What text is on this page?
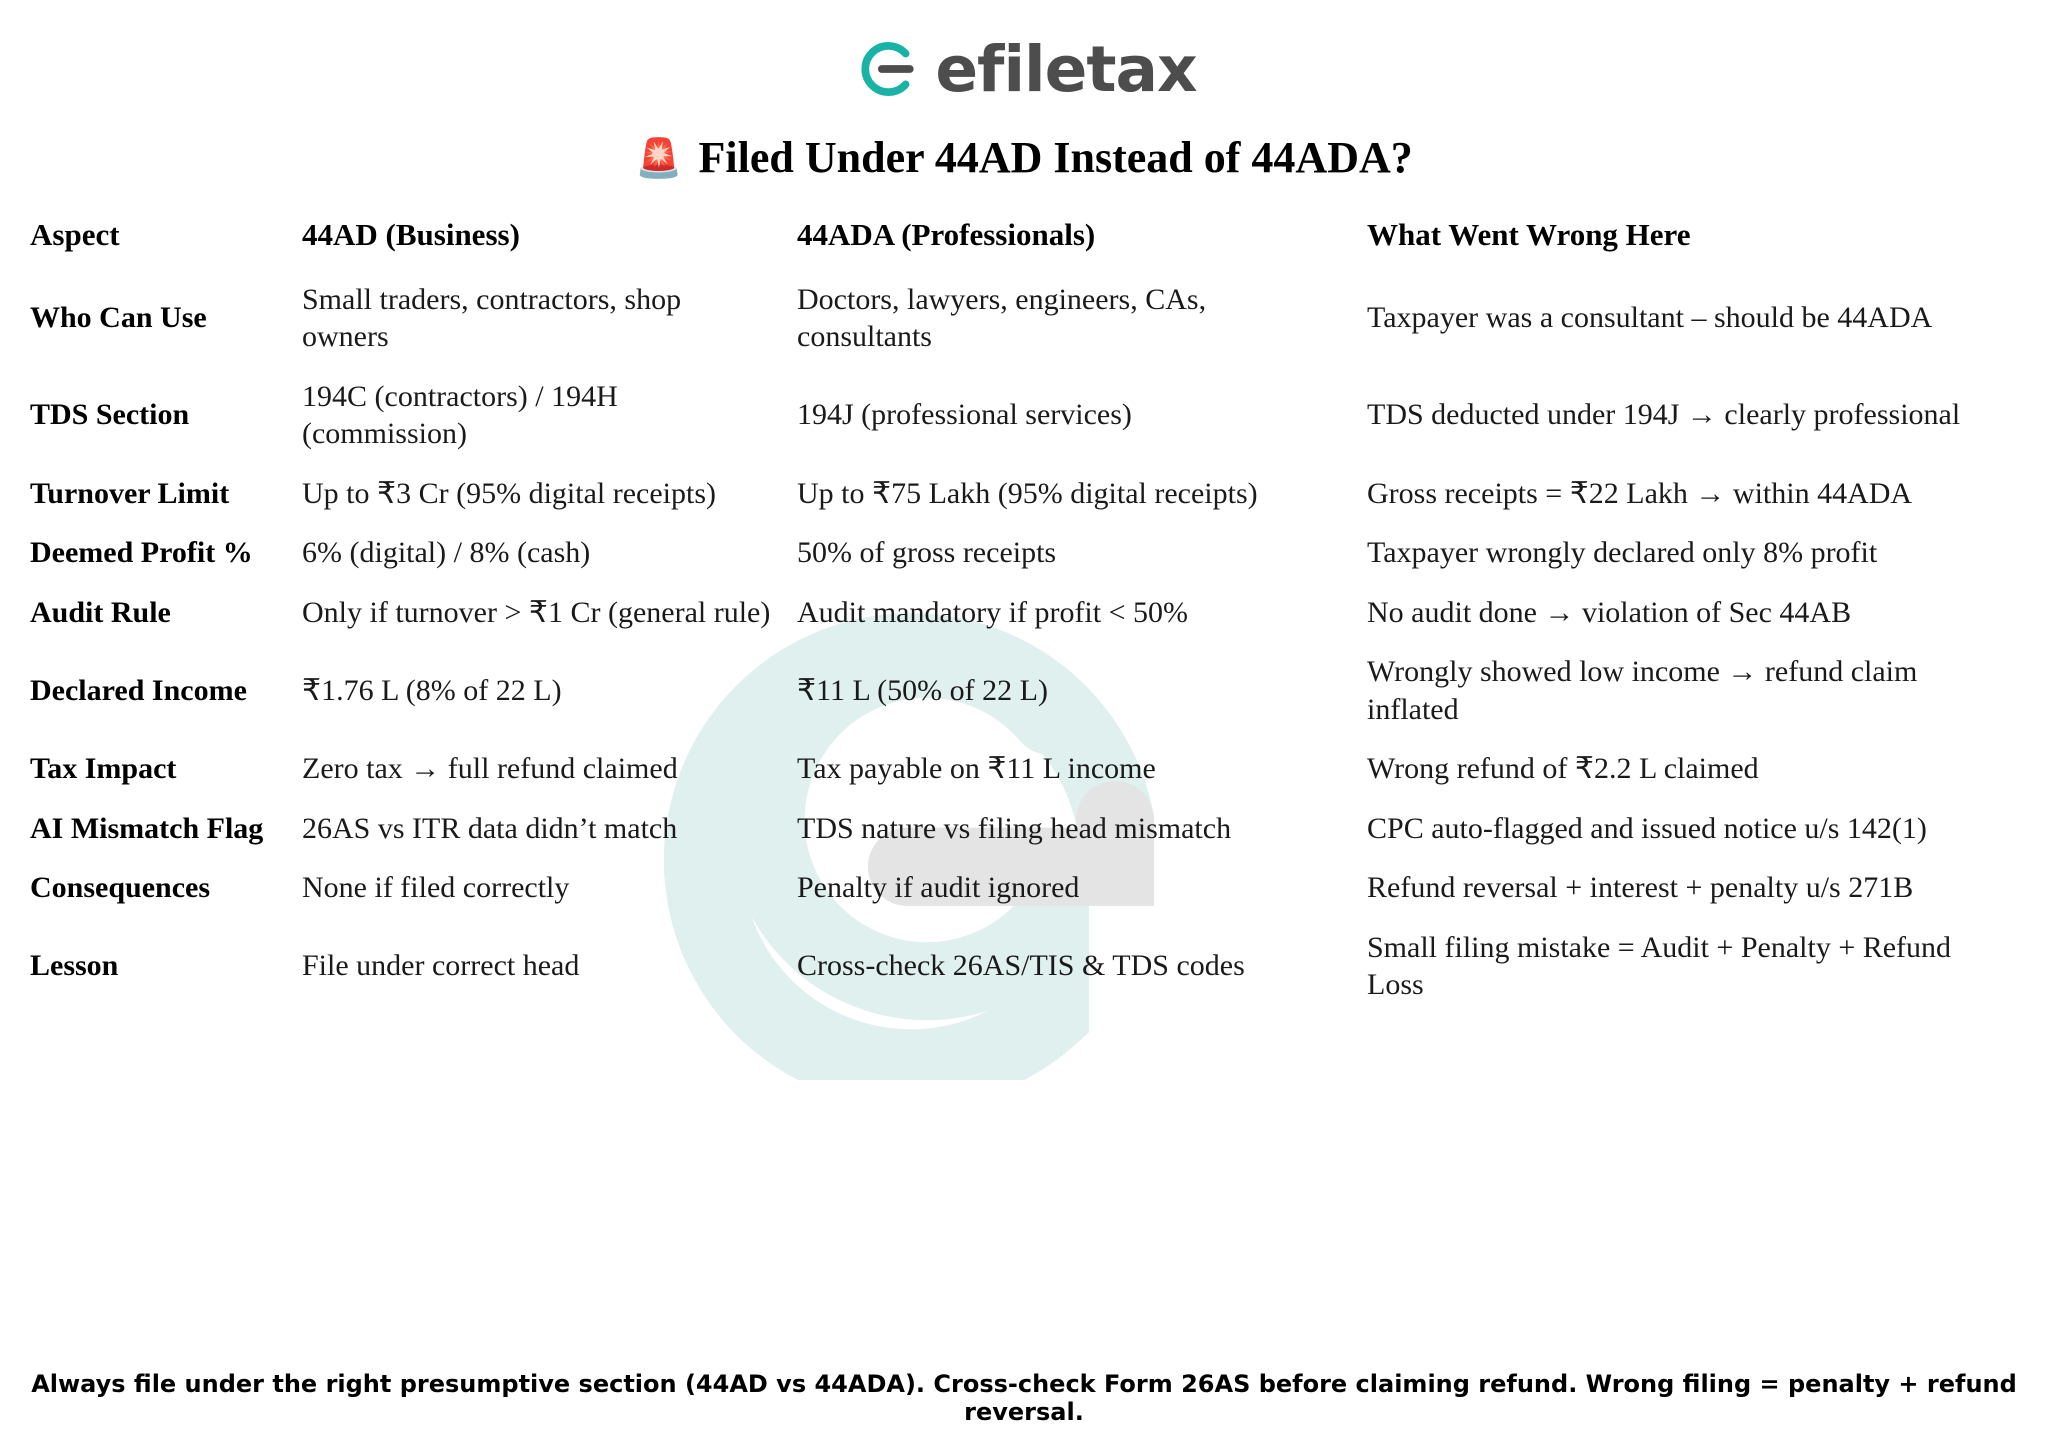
efiletax
🚨 Filed Under 44AD Instead of 44ADA?
Aspect	44AD (Business)	44ADA (Professionals)	What Went Wrong Here
Who Can Use	Small traders, contractors, shop owners	Doctors, lawyers, engineers, CAs, consultants	Taxpayer was a consultant – should be 44ADA
TDS Section	194C (contractors) / 194H (commission)	194J (professional services)	TDS deducted under 194J → clearly professional
Turnover Limit	Up to ₹3 Cr (95% digital receipts)	Up to ₹75 Lakh (95% digital receipts)	Gross receipts = ₹22 Lakh → within 44ADA
Deemed Profit %	6% (digital) / 8% (cash)	50% of gross receipts	Taxpayer wrongly declared only 8% profit
Audit Rule	Only if turnover > ₹1 Cr (general rule)	Audit mandatory if profit < 50%	No audit done → violation of Sec 44AB
Declared Income	₹1.76 L (8% of 22 L)	₹11 L (50% of 22 L)	Wrongly showed low income → refund claim inflated
Tax Impact	Zero tax → full refund claimed	Tax payable on ₹11 L income	Wrong refund of ₹2.2 L claimed
AI Mismatch Flag	26AS vs ITR data didn’t match	TDS nature vs filing head mismatch	CPC auto-flagged and issued notice u/s 142(1)
Consequences	None if filed correctly	Penalty if audit ignored	Refund reversal + interest + penalty u/s 271B
Lesson	File under correct head	Cross-check 26AS/TIS & TDS codes	Small filing mistake = Audit + Penalty + Refund Loss
Always file under the right presumptive section (44AD vs 44ADA). Cross-check Form 26AS before claiming refund. Wrong filing = penalty + refund reversal.
